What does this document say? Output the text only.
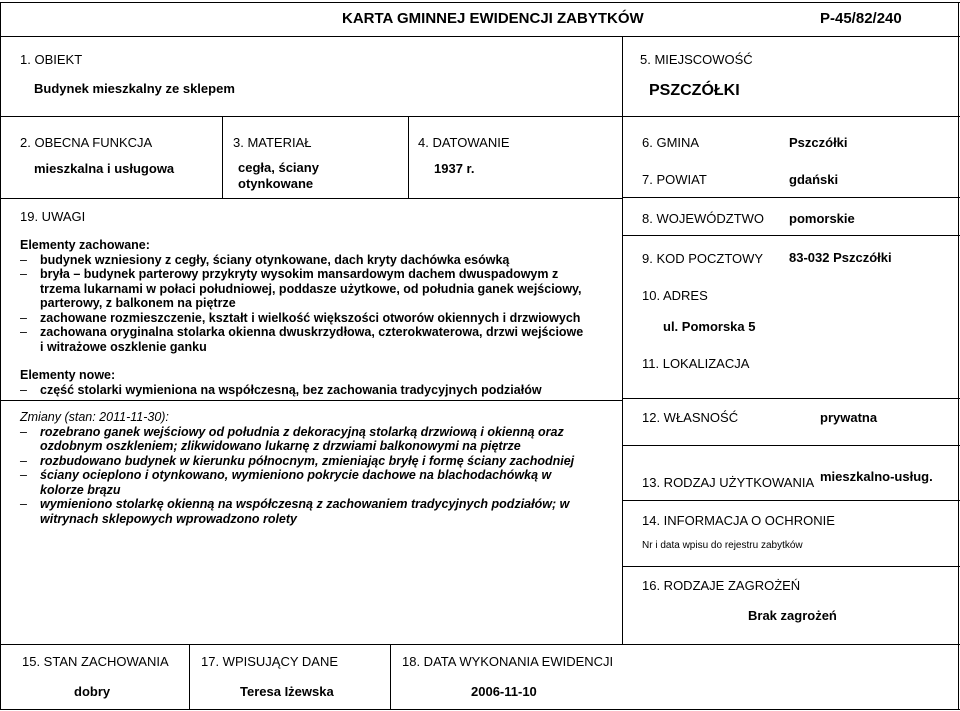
KARTA GMINNEJ EWIDENCJI ZABYTKÓW	P-45/82/240
1. OBIEKT
Budynek mieszkalny ze sklepem
5. MIEJSCOWOŚĆ
PSZCZÓŁKI
2. OBECNA FUNKCJA
mieszkalna i usługowa
3. MATERIAŁ
cegła, ściany
otynkowane
4. DATOWANIE
1937 r.
6. GMINA	Pszczółki
7. POWIAT	gdański
19. UWAGI
Elementy zachowane:
– budynek wzniesiony z cegły, ściany otynkowane, dach kryty dachówka esówką
– bryła – budynek parterowy przykryty wysokim mansardowym dachem dwuspadowym z trzema lukarnami w połaci południowej, poddasze użytkowe, od południa ganek wejściowy, parterowy, z balkonem na piętrze
– zachowane rozmieszczenie, kształt i wielkość większości otworów okiennych i drzwiowych
– zachowana oryginalna stolarka okienna dwuskrzydłowa, czterokwaterowa, drzwi wejściowe i witrażowe oszklenie ganku
Elementy nowe:
– część stolarki wymieniona na współczesną, bez zachowania tradycyjnych podziałów
Zmiany (stan: 2011-11-30):
– rozebrano ganek wejściowy od południa z dekoracyjną stolarką drzwiową i okienną oraz ozdobnym oszkleniem; zlikwidowano lukarnę z drzwiami balkonowymi na piętrze
– rozbudowano budynek w kierunku północnym, zmieniając bryłę i formę ściany zachodniej
– ściany ocieplono i otynkowano, wymieniono pokrycie dachowe na blachodachówką w kolorze brązu
– wymieniono stolarkę okienną na współczesną z zachowaniem tradycyjnych podziałów; w witrynach sklepowych wprowadzono rolety
8. WOJEWÓDZTWO pomorskie
9. KOD POCZTOWY 83-032 Pszczółki
10. ADRES
ul. Pomorska 5
11. LOKALIZACJA
12. WŁASNOŚĆ	prywatna
13. RODZAJ UŻYTKOWANIA mieszkalno-usług.
14. INFORMACJA O OCHRONIE
Nr i data wpisu do rejestru zabytków
16. RODZAJE ZAGROŻEŃ
Brak zagrożeń
15. STAN ZACHOWANIA
dobry
17. WPISUJĄCY DANE
Teresa Iżewska
18. DATA WYKONANIA EWIDENCJI
2006-11-10
